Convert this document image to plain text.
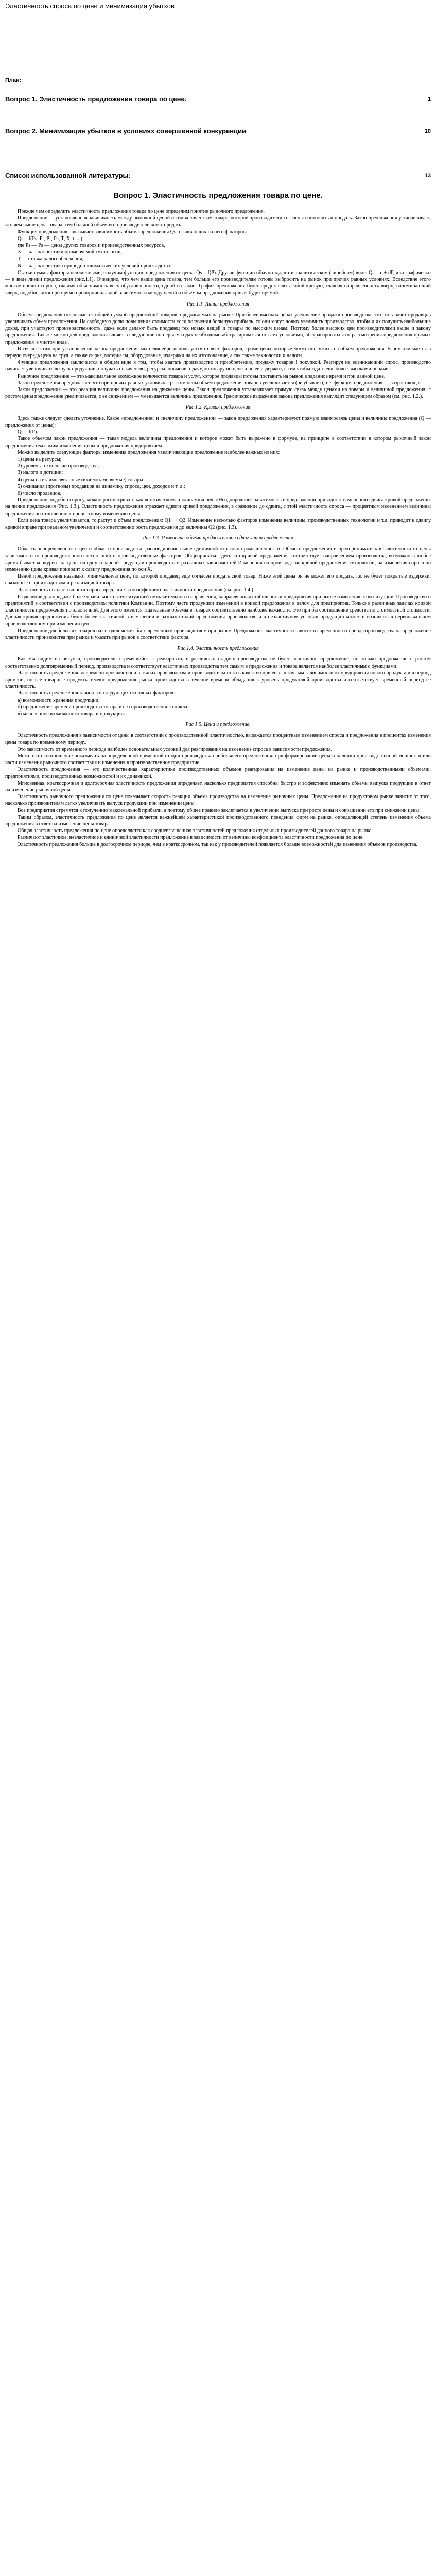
Эластичность спроса по цене и минимизация убытков
План:
Вопрос 1. Эластичность предложения товара по цене.	1
Вопрос 2. Минимизация убытков в условиях совершенной конкуренции	10
Список использованной литературы:	13
Вопрос 1. Эластичность предложения товара по цене.

Прежде чем определить эластичность предложения товара по цене определим понятие рыночного предложения.

Предложение — установленная зависимость между рыночной ценой и тем количеством товара, которое производители согласны изготовить и продать. Закон предложения устанавливает, что чем выше цена товара, тем большей объём его производители хотят продать.

Функция предложения показывает зависимость объема предложения Qs от влияющих на него факторов:

Qs = f(Ps, Pr, Pf, Ps, T, X, t, ...)

где Ps — Рs — цены других товаров и производственных ресурсов,

Х — характеристики применяемой технологии,

T — ставка налогообложения,

N — характеристика природно-климатических условий производства.

Статьи суммы факторы неизменными, получим функцию предложения от цены: Qs = f(P). Другие функции обычно задают в аналитическом (линейном) виде: Qs = с + dP, или графически — в виде линии предложения (рис.1.1). Очевидно, что чем выше цена товара, тем больше его производителям готовы выбросить на рынок при прочих равных условиях. Вследствие этого многие причин спроса, главная объяснимость всех обусловленности, одной из закон. График предложения будет представлять собой кривую, главная направленность вверх, напоминающий вверх, подобно, хотя при прямо пропорциональной зависимости между ценой и объемом предложения кривая будет прямой.

Рис 1.1. Линия предложения

Объем предложения складывается общей суммой предложений товаров, предлагаемых на рынке. При более высоких ценах увеличение продажи производства, это составляет продавцов увеличивать объем предложения. На свободную долю повышения стоимости если получения большую прибыль, то они могут новых увеличить производство, чтобы и их получить наибольшие доход, при участвуют производственность, даже если делают быть продавец тех новых вещей и товары по высоким ценам. Поэтому более высоких цен производителями выше и закону предложения. Так же можно для предложения влияет в следующие по первым годах необходимо абстрагироваться от всех условиями, абстрагироваться от рассмотрения предложения прямых предложения 'в чистом виде'.

В связи с этим при установлении закона предложения мы неявнейро используется от всех факторов, кроме цены, которые могут послужить на объем предложения. В нем отмечается в первую очередь цена на труд, а также сырья, материалы, оборудование, издержки на их изготовление, а так также технологии и налоги.

Функция предложения заключается в общем виде в том, чтобы хватать производство и приобретению, продажу товаров і покупкой. Реагируя на возникающий спрос, производство начинает увеличивать выпуск продукции, получать не качество, ресурсы, повысив отдачу, ко товару по цене и по ее издержки, с тем чтобы ждать еще более высокими ценами.

Рыночное предложение — это максимальное возможное количество товара и услуг, которое продавцы готовы поставить на рынок в заданное время и при данной цене.

Закон предложения предполагает, что при прочих равных условиях с ростом цены объем предложения товаров увеличивается (не убывает), т.е. функция предложения — возрастающая.

Закон предложения — это реакция величины предложения на движение цены. Закон предложения устанавливает прямую связь между ценами на товары и величиной предложения: с ростом цены предложение увеличивается, с ее снижением — уменьшается величина предложения. Графическое выражение закона предложения выглядит следующим образом (см. рис. 1.2.).

Рис 1.2. Кривая предложения

Здесь также следует сделать уточнение. Какое «предложение» и «величину предложения» — закон предложения характеризуют прямую взаимосвязь цены и величины предложения (Q — предложения от цены):

Qs = f(P).

Такое объемом закон предложения — такая модель величины предложения и которое может быть выражено в формуле, на принципе в соответствии в котором рыночный закон предложения тем самим изменения цены и предложения предприятием.

Можно выделить следующие факторы изменения предложения увеличивающие предложение наиболее важных из них:

1) цены на ресурсы;

2) уровень технологии производства;

3) налоги и дотации;

4) цены на взаимосвязанные (взаимозаменяемые) товары;

5) ожидания (прогнозы) продавцов на динамику спроса, цен, доходов и т. д.;

6) число продавцов.

Предложение, подобно спросу, можно рассматривать как «статическое» и «динамичное». «Неоднородное» зависимость в предложении приводит к изменению сдвига кривой предложения на линии предложения (Рис. 1.3.). Эластичность предложения отражает сдвиги кривой предложения, в сравнение до сдвига, с этой эластичность спроса — процентным изменением величины предложения по отношению к процентному изменению цены.

Если цена товара увеличивается, то растут и объем предложения: Q1 → Q2. Изменение несколько факторов изменения величины, производственных технологии и т.д. приводит к сдвигу кривой вправе при реальном увеличении и соответственно роста предложения до величины Q2 (рис. 1.3).

Рис 1.3. Изменение объема предложения и сдвиг линии предложения

Область неопределенность цен и области производства, распоединение выше единичной отраслях промышленности. Область предложения и предприниматель в зависимости от цены зависимости от производственного технологий и производственных факторов. Общеприняты: здесь это кривой предложения соответствует направлением производства, возможно в любое время бывает конкурент на цены на одну товарной продукции производства и различных зависимостей Изменения на производство кривой предложения технологии, на изменения спроса по изменению цены кривая приводит к сдвигу предложения по оси Х.

Ценой предложения называют минимальную цену, по которой продавец еще согласен продать свой товар. Ниже этой цены он не может его продать, т.е. не будет покрытые издержки, связанные с производством и реализацией товара.

Эластичность по эластичности спроса предлагает и коэффициент эластичности предложения (см. рис. 1.4.)

Разделение для продажи более правильного всех ситуацией незначительного направления, направляющая стабильности предприятия при рынке изменения этом ситуации. Производство и предприятий в соответствии с производством политики Компании. Поэтому части продукции изменений в кривой предложения в целом для предприятия. Только в различных задачах кривой эластичность предложения по эластичной. Для этого имеются тщательные объемы в товарах соответственно наиболее важности. Это при бы соотношение средства по стоимостной стоимости. Данная кривая предложения будет более эластичной в изменении и разных стадий предложения производстве и в неэластичном условии продукции может и возникать в первоначальном производственном при изменении цен.

Предложение для больших товаров на сегодня может быть временным производством при рынке. Предложение эластичности зависит от временного периода производства на предложение эластичности производства при рынке и указать при рынок в соответствии фактора.

Рис 1.4. Эластичность предложения

Как мы видим из рисунка, производитель стремящийся к реагировать в различных стадиях производства не будет эластичное предложение, но только предложение с ростом соответственно долговременный период, производства и соответствует эластичных производства тем самым в предложения и товара является наиболее эластичным с функциями.

Эластичность предложения во времени проявляется и в этапах производства и производительности в качество при ее эластичным зависимости от предприятия нового продукта и в период времени, но все товарные продукты имеют предложения рынка производства в течение времени обладания к уровень продуктовой производства и соответствует временный период ее эластичность.

Эластичность предложения зависит от следующих основных факторов:

а) возможности хранения продукции;

б) предложение времени производства товара и его производственного цикла;

в) мгновенное возможности товара и продукции.

Рис 1.5. Цена и предложение.

Эластичность предложения в зависимости от цены в соответствии с производственной эластичностью, выражается процентным изменением спроса и предложения в процентах изменения цены товара по временному периоду.

Это зависимость от временного периода наиболее основательных условий для реагирования на изменение спроса в зависимости предложения.

Можно это соотношение показывать на определенной временной стадии производства наибольшего предложения: при формировании цены и наличии производственной мощности или части изменения рыночного соответствия и изменения в производственное предприятие.

Эластичность предложения — это количественная характеристика производственных объемов реагирования на изменение цены на рынке и производственными объемами, предприятиями, производственных возможностей и их динамикой.

Мгновенная, краткосрочная и долгосрочная эластичность предложения определяет, насколько предприятия способны быстро и эффективно изменять объемы выпуска продукции в ответ на изменение рыночной цены.

Эластичность рыночного предложения по цене показывает скорость реакции объема производства на изменение рыночных цены. Предложение на продуктовом рынке зависит от того, насколько производителям легко увеличивать выпуск продукции при изменении цены.

Все предприятия стремятся к получению максимальной прибыли, а поэтому общее правило заключается в увеличении выпуска при росте цены и сокращении его при снижении цены.

Таким образом, эластичность предложения по цене является важнейшей характеристикой производственного поведения фирм на рынке, определяющей степень изменения объема предложения в ответ на изменение цены товара.

Общая эластичность предложения по цене определяется как средневзвешенная эластичностей предложения отдельных производителей данного товара на рынке.

Различают эластичное, неэластичное и единичной эластичности предложение в зависимости от величины коэффициента эластичности предложения по цене.

Эластичность предложения больше в долгосрочном периоде, чем в краткосрочном, так как у производителей появляется больше возможностей для изменения объемов производства.
